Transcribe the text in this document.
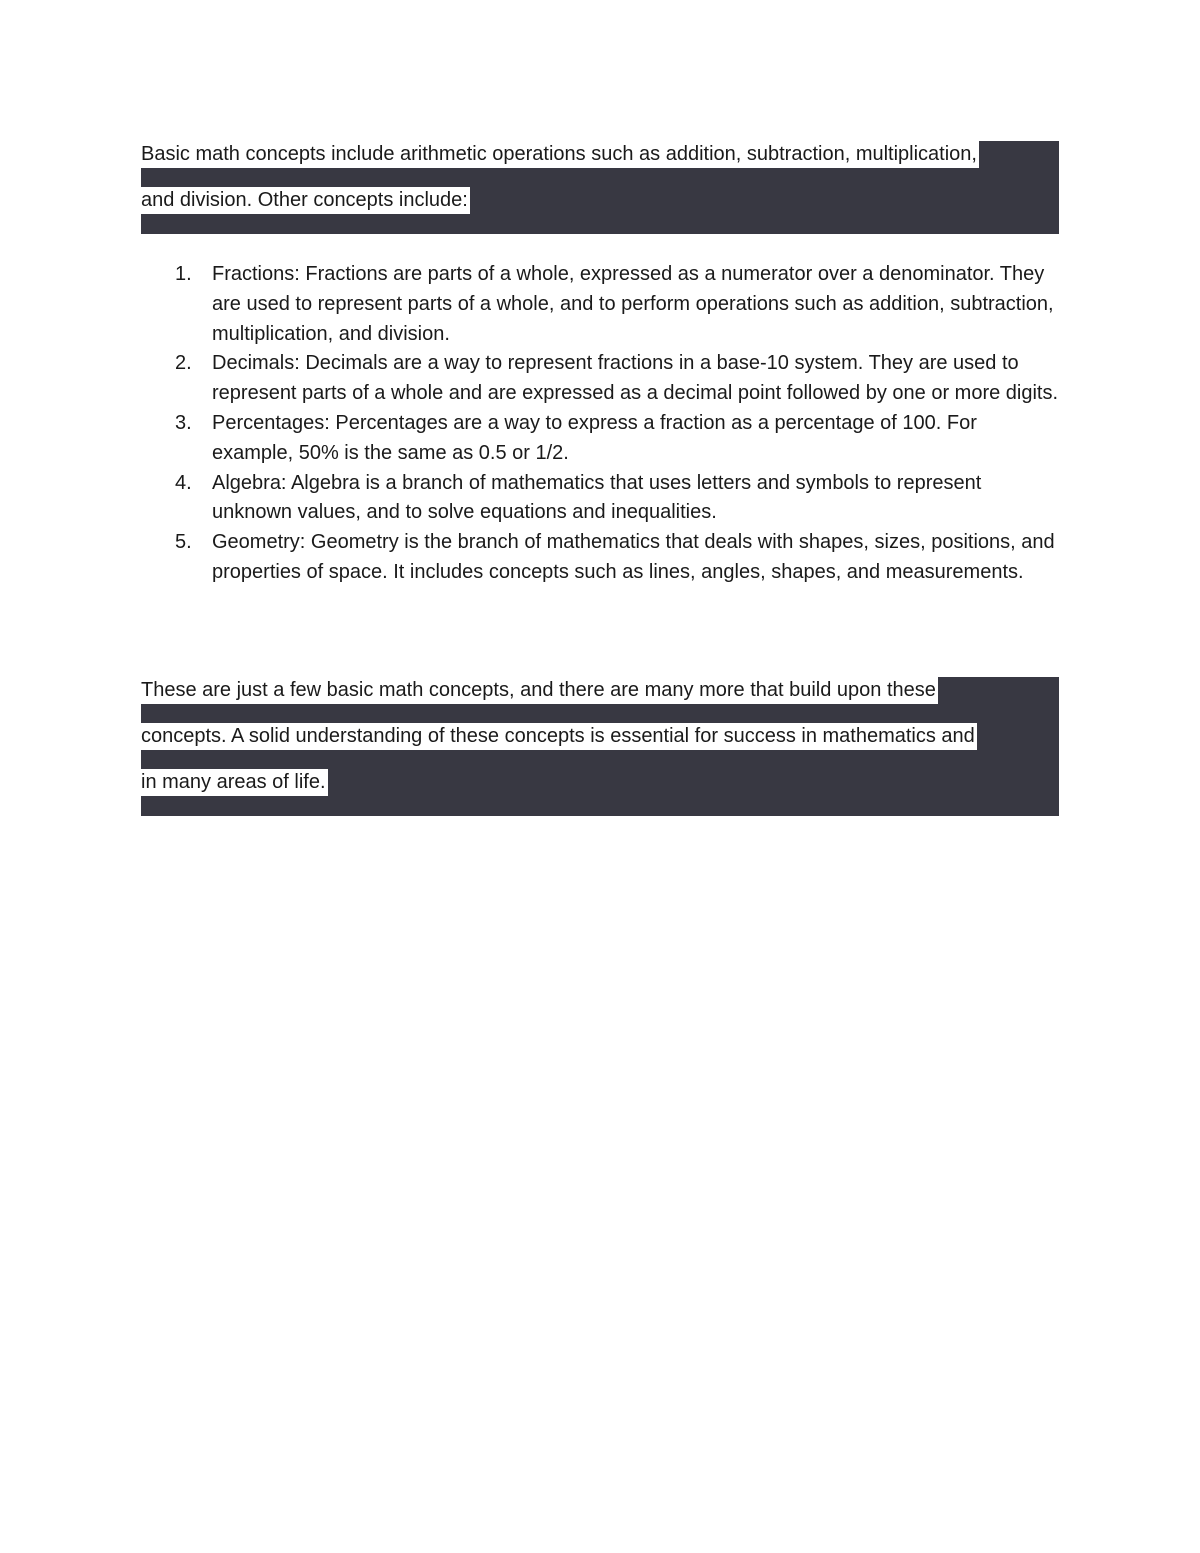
Basic math concepts include arithmetic operations such as addition, subtraction, multiplication,
and division. Other concepts include:
1. Fractions: Fractions are parts of a whole, expressed as a numerator over a denominator. They are used to represent parts of a whole, and to perform operations such as addition, subtraction, multiplication, and division.
2. Decimals: Decimals are a way to represent fractions in a base-10 system. They are used to represent parts of a whole and are expressed as a decimal point followed by one or more digits.
3. Percentages: Percentages are a way to express a fraction as a percentage of 100. For example, 50% is the same as 0.5 or 1/2.
4. Algebra: Algebra is a branch of mathematics that uses letters and symbols to represent unknown values, and to solve equations and inequalities.
5. Geometry: Geometry is the branch of mathematics that deals with shapes, sizes, positions, and properties of space. It includes concepts such as lines, angles, shapes, and measurements.
These are just a few basic math concepts, and there are many more that build upon these
concepts. A solid understanding of these concepts is essential for success in mathematics and
in many areas of life.
